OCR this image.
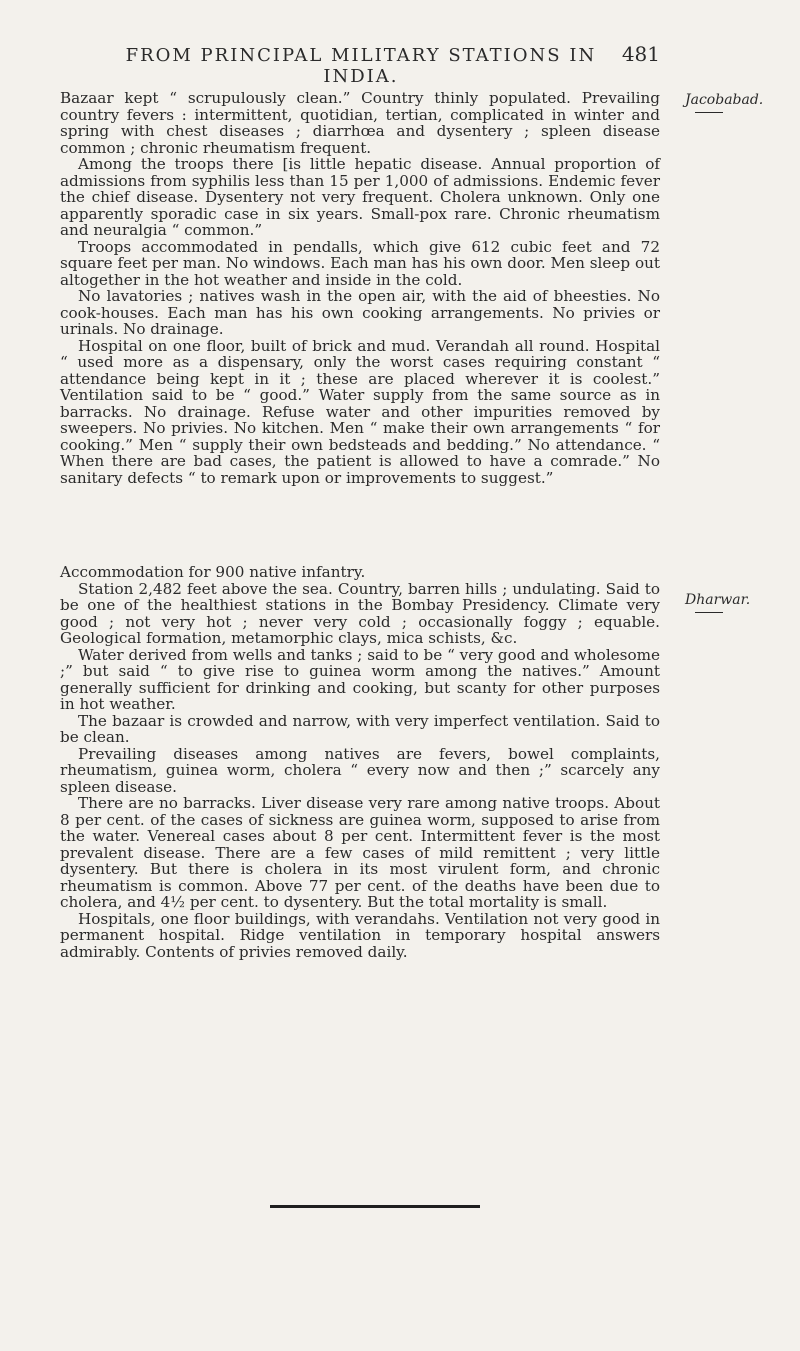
FROM PRINCIPAL MILITARY STATIONS IN INDIA.
481
Jacobabad.
Dharwar.

Bazaar kept “ scrupulously clean.” Country thinly populated. Prevailing country fevers : intermittent, quotidian, tertian, complicated in winter and spring with chest diseases ; diarrhœa and dysentery ; spleen disease common ; chronic rheumatism frequent.

Among the troops there [is little hepatic disease. Annual proportion of admissions from syphilis less than 15 per 1,000 of admissions. Endemic fever the chief disease. Dysentery not very frequent. Cholera unknown. Only one apparently sporadic case in six years. Small-pox rare. Chronic rheumatism and neuralgia “ common.”

Troops accommodated in pendalls, which give 612 cubic feet and 72 square feet per man. No windows. Each man has his own door. Men sleep out altogether in the hot weather and inside in the cold.

No lavatories ; natives wash in the open air, with the aid of bheesties. No cook-houses. Each man has his own cooking arrangements. No privies or urinals. No drainage.

Hospital on one floor, built of brick and mud. Verandah all round. Hospital “ used more as a dispensary, only the worst cases requiring constant “ attendance being kept in it ; these are placed wherever it is coolest.” Ventilation said to be “ good.” Water supply from the same source as in barracks. No drainage. Refuse water and other impurities removed by sweepers. No privies. No kitchen. Men “ make their own arrangements “ for cooking.” Men “ supply their own bedsteads and bedding.” No attendance. “ When there are bad cases, the patient is allowed to have a comrade.” No sanitary defects “ to remark upon or improvements to suggest.”

Accommodation for 900 native infantry.

Station 2,482 feet above the sea. Country, barren hills ; undulating. Said to be one of the healthiest stations in the Bombay Presidency. Climate very good ; not very hot ; never very cold ; occasionally foggy ; equable. Geological formation, metamorphic clays, mica schists, &c.

Water derived from wells and tanks ; said to be “ very good and wholesome ;” but said “ to give rise to guinea worm among the natives.” Amount generally sufficient for drinking and cooking, but scanty for other purposes in hot weather.

The bazaar is crowded and narrow, with very imperfect ventilation. Said to be clean.

Prevailing diseases among natives are fevers, bowel complaints, rheumatism, guinea worm, cholera “ every now and then ;” scarcely any spleen disease.

There are no barracks. Liver disease very rare among native troops. About 8 per cent. of the cases of sickness are guinea worm, supposed to arise from the water. Venereal cases about 8 per cent. Intermittent fever is the most prevalent disease. There are a few cases of mild remittent ; very little dysentery. But there is cholera in its most virulent form, and chronic rheumatism is common. Above 77 per cent. of the deaths have been due to cholera, and 4½ per cent. to dysentery. But the total mortality is small.

Hospitals, one floor buildings, with verandahs. Ventilation not very good in permanent hospital. Ridge ventilation in temporary hospital answers admirably. Contents of privies removed daily.
